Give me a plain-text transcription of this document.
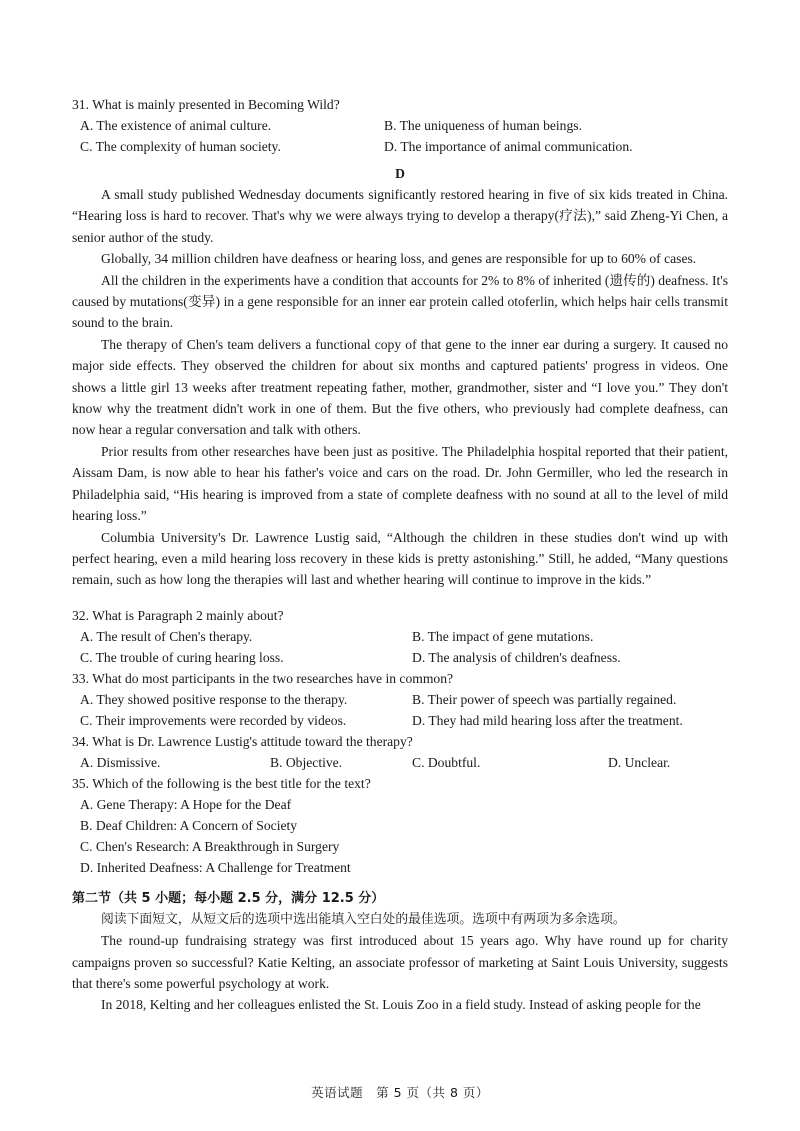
31. What is mainly presented in Becoming Wild?
A. The existence of animal culture.	B. The uniqueness of human beings.
C. The complexity of human society.	D. The importance of animal communication.
D

A small study published Wednesday documents significantly restored hearing in five of six kids treated in China. “Hearing loss is hard to recover. That's why we were always trying to develop a therapy(疗法),” said Zheng-Yi Chen, a senior author of the study.

Globally, 34 million children have deafness or hearing loss, and genes are responsible for up to 60% of cases.

All the children in the experiments have a condition that accounts for 2% to 8% of inherited (遗传的) deafness. It's caused by mutations(变异) in a gene responsible for an inner ear protein called otoferlin, which helps hair cells transmit sound to the brain.

The therapy of Chen's team delivers a functional copy of that gene to the inner ear during a surgery. It caused no major side effects. They observed the children for about six months and captured patients' progress in videos. One shows a little girl 13 weeks after treatment repeating father, mother, grandmother, sister and “I love you.” They don't know why the treatment didn't work in one of them. But the five others, who previously had complete deafness, can now hear a regular conversation and talk with others.

Prior results from other researches have been just as positive. The Philadelphia hospital reported that their patient, Aissam Dam, is now able to hear his father's voice and cars on the road. Dr. John Germiller, who led the research in Philadelphia said, “His hearing is improved from a state of complete deafness with no sound at all to the level of mild hearing loss.”

Columbia University's Dr. Lawrence Lustig said, “Although the children in these studies don't wind up with perfect hearing, even a mild hearing loss recovery in these kids is pretty astonishing.” Still, he added, “Many questions remain, such as how long the therapies will last and whether hearing will continue to improve in the kids.”

32. What is Paragraph 2 mainly about?
A. The result of Chen's therapy.	B. The impact of gene mutations.
C. The trouble of curing hearing loss.	D. The analysis of children's deafness.
33. What do most participants in the two researches have in common?
A. They showed positive response to the therapy.	B. Their power of speech was partially regained.
C. Their improvements were recorded by videos.	D. They had mild hearing loss after the treatment.
34. What is Dr. Lawrence Lustig's attitude toward the therapy?
A. Dismissive.	B. Objective.	C. Doubtful.	D. Unclear.
35. Which of the following is the best title for the text?
A. Gene Therapy: A Hope for the Deaf
B. Deaf Children: A Concern of Society
C. Chen's Research: A Breakthrough in Surgery
D. Inherited Deafness: A Challenge for Treatment
第二节（共 5 小题；每小题 2.5 分，满分 12.5 分）

阅读下面短文，从短文后的选项中选出能填入空白处的最佳选项。选项中有两项为多余选项。

The round-up fundraising strategy was first introduced about 15 years ago. Why have round up for charity campaigns proven so successful? Katie Kelting, an associate professor of marketing at Saint Louis University, suggests that there's some powerful psychology at work.

In 2018, Kelting and her colleagues enlisted the St. Louis Zoo in a field study. Instead of asking people for the

英语试题　第 5 页（共 8 页）
